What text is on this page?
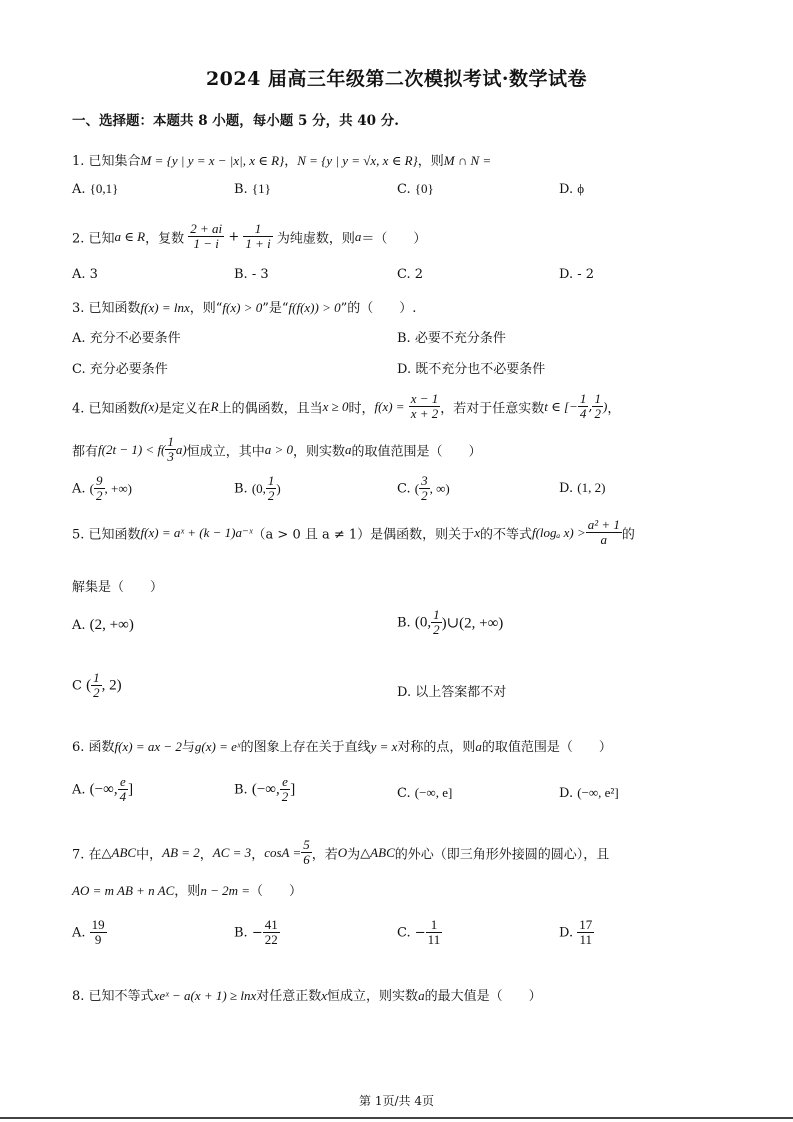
2024 届高三年级第二次模拟考试·数学试卷
一、选择题：本题共 8 小题，每小题 5 分，共 40 分.
1. 已知集合M = {y | y = x − |x|, x ∈ R}，N = {y | y = √x, x ∈ R}，则M ∩ N =
A. {0,1}	B. {1}	C. {0}	D. ϕ
2. 已知a ∈ R，复数 $\frac{2 + ai}{1 - i} + \frac{1}{1 + i}$ 为纯虚数，则a＝（　　）
A. 3	B. - 3	C. 2	D. - 2
3. 已知函数f(x) = lnx，则“f(x) > 0”是“f(f(x)) > 0”的（　　）.
A. 充分不必要条件	B. 必要不充分条件
C. 充分必要条件	D. 既不充分也不必要条件
4. 已知函数f(x)是定义在R上的偶函数，且当x ≥ 0时，$f(x) = \frac{x - 1}{x + 2}$ ，若对于任意实数t ∈ [− $\frac{1}{4}$ , $\frac{1}{2}$ )，
都有$f(2t - 1) < f( \frac{1}{3} a)$恒成立，其中a > 0，则实数a的取值范围是（　　）
A. ( $\frac{9}{2}$ , +∞)	B. (0, $\frac{1}{2}$ )	C. ( $\frac{3}{2}$ , ∞)	D. (1, 2)
5. 已知函数f(x) = aˣ + (k − 1)a⁻ˣ（a > 0 且 a ≠ 1）是偶函数，则关于x的不等式f(logₐ $x) > \frac{\text{a² + 1}}{a}$ 的
解集是（　　）
A. (2, +∞)	B. (0, $\frac{1}{2}$ )∪(2, +∞)
C ( $\frac{1}{2}$ , 2)	D. 以上答案都不对
6. 函数f(x) = ax − 2与g(x) = eˣ的图象上存在关于直线y = x对称的点，则a的取值范围是（　　）
A. (−∞, $\frac{e}{4}$ ]	B. (−∞, $\frac{e}{2}$ ]	C. (−∞, e]	D. (−∞, e²]
7. 在△ABC中，AB = 2，AC = 3，$\cos A = \frac{5}{6}$ ，若O为△ABC的外心（即三角形外接圆的圆心），且
AO = m AB + n AC，则n − 2m =（　　）
A. $\frac{19}{9}$	B. − $\frac{41}{22}$	C. − $\frac{1}{11}$	D. $\frac{17}{11}$
8. 已知不等式xeˣ − a(x + 1) ≥ lnx对任意正数x恒成立，则实数a的最大值是（　　）
第 1页/共 4页
